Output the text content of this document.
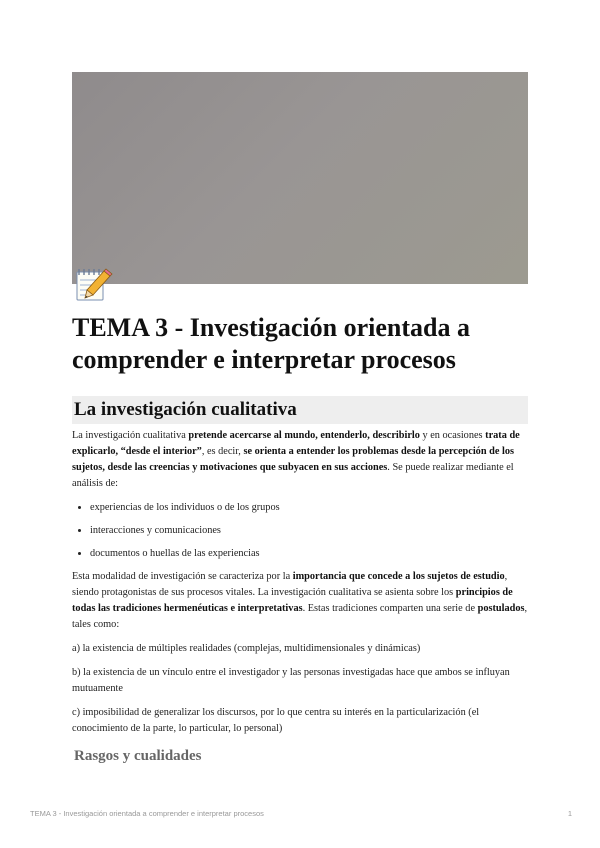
TEMA 3 - Investigación orientada a comprender e interpretar procesos
La investigación cualitativa

La investigación cualitativa pretende acercarse al mundo, entenderlo, describirlo y en ocasiones trata de explicarlo, “desde el interior”, es decir, se orienta a entender los problemas desde la percepción de los sujetos, desde las creencias y motivaciones que subyacen en sus acciones. Se puede realizar mediante el análisis de:

• experiencias de los individuos o de los grupos
• interacciones y comunicaciones
• documentos o huellas de las experiencias

Esta modalidad de investigación se caracteriza por la importancia que concede a los sujetos de estudio, siendo protagonistas de sus procesos vitales. La investigación cualitativa se asienta sobre los principios de todas las tradiciones hermenéuticas e interpretativas. Estas tradiciones comparten una serie de postulados, tales como:

a) la existencia de múltiples realidades (complejas, multidimensionales y dinámicas)

b) la existencia de un vínculo entre el investigador y las personas investigadas hace que ambos se influyan mutuamente

c) imposibilidad de generalizar los discursos, por lo que centra su interés en la particularización (el conocimiento de la parte, lo particular, lo personal)

Rasgos y cualidades
TEMA 3 - Investigación orientada a comprender e interpretar procesos	1
